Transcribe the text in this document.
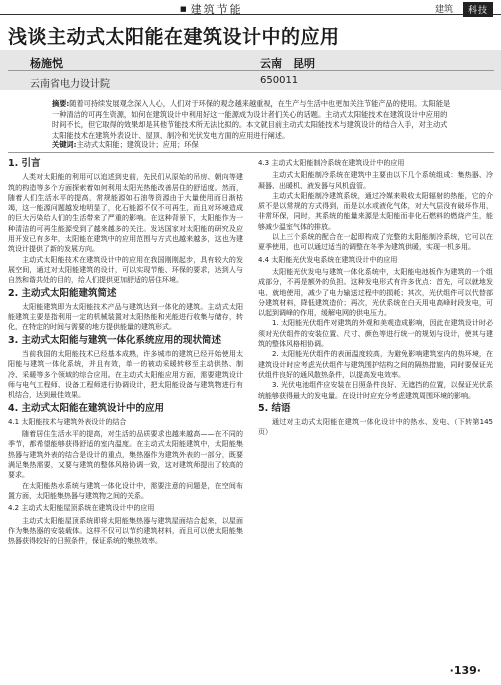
■ 建筑节能	建筑	科技
浅谈主动式太阳能在建筑设计中的应用
杨施悦	云南　昆明
云南省电力设计院	650011
摘要:随着可持续发展观念深入人心，人们对于环保的观念越来越重视，在生产与生活中也更加关注节能产品的使用。太阳能是一种清洁的可再生资源，如何在建筑设计中利用好这一能源成为设计者们关心的话题。主动式太阳能技术在建筑设计中应用的时间不长，但它取得的效果却是其他节能技术所无法比拟的。本文就目前主动式太阳能技术与建筑设计的结合入手，对主动式太阳能技术在建筑外表设计、屋顶、制冷和光伏发电方面的应用进行阐述。
关键词:主动式太阳能；建筑设计；应用；环保
1. 引言

人类对太阳能的利用可以追述到史前，先民们从原始的吊房、朝向等建筑的构造等多个方面探索着如何利用太阳光热能改善居住的舒适度。然而，随着人们生活水平的提高，常规能源如石油等资源由于大量使用而日渐枯竭，这一能源问题越发地明显了，化石能源不仅不可再生，而且对环境造成的巨大污染给人们的生活带来了严重的影响。在这种背景下，太阳能作为一种清洁的可再生能源受到了越来越多的关注。发达国家对太阳能的研究及应用开发已有多年，太阳能在建筑中的应用范围与方式也越来越多，这也为建筑设计提供了新的发展方向。

主动式太阳能技术在建筑设计中的应用在我国刚刚起步，具有较大的发展空间，通过对太阳能建筑的设计，可以实现节能、环保的要求，达到人与自然和谐共处的目的，给人们提供更加舒适的居住环境。

2. 主动式太阳能建筑简述

太阳能建筑即为太阳能技术产品与建筑达到一体化的建筑。主动式太阳能建筑主要是指利用一定的机械装置对太阳热能和光能进行收集与储存，转化，在特定的时间与需要的地方提供能量的建筑形式。

3. 主动式太阳能与建筑一体化系统应用的现状简述

当前我国的太阳能技术已经基本成熟，许多城市的建筑已经开始使用太阳能与建筑一体化系统，并且有效，单一的被动采暖转移至主动供热、制冷、采暖等多个领域的综合应用。在主动式太阳能应用方面，需要建筑设计师与电气工程师、设备工程师进行协调设计，把太阳能设备与建筑物进行有机结合，达到最佳效果。

4. 主动式太阳能在建筑设计中的应用
4.1 太阳能技术与建筑外表设计的结合

随着居住生活水平的提高，对生活的品质要求也越来越高——在不同的季节，都希望能够获得舒适的室内温度。在主动式太阳能建筑中，太阳能集热器与建筑外表的结合是设计的重点，集热器作为建筑外表的一部分，既要满足集热需要，又要与建筑的整体风格协调一致，这对建筑师提出了较高的要求。

在太阳能热水系统与建筑一体化设计中，需要注意的问题是，在空间布置方面，太阳能集热器与建筑物之间的关系。

4.2 主动式太阳能屋顶系统在建筑设计中的应用

主动式太阳能屋顶系统即将太阳能集热器与建筑屋面结合起来，以屋面作为集热器的安装载体。这样不仅可以节约建筑材料，而且可以使太阳能集热器获得较好的日照条件，保证系统的集热效率。

4.3 主动式太阳能制冷系统在建筑设计中的应用

主动式太阳能制冷系统在建筑中主要由以下几个系统组成：集热器、冷凝器、出暖机、液发器与风机盘管。

主动式太阳能制冷建筑系统，通过冷媒来吸收太阳辐射的热能，它的介质不是以常规的方式得到，而是以水或液化气体，对大气层没有破坏作用，非常环保，同时，其系统的能量来源是太阳能而非化石燃料的燃烧产生，能够减少温室气体的排放。

以上三个系统的配合在一起即构成了完整的太阳能制冷系统，它可以在夏季使用，也可以通过适当的调整在冬季为建筑供暖，实现一机多用。

4.4 太阳能光伏发电系统在建筑设计中的应用

太阳能光伏发电与建筑一体化系统中，太阳能电池板作为建筑的一个组成部分，不再是额外的负担。这种发电形式有许多优点：首先，可以就地发电、就地使用，减少了电力输送过程中的损耗；其次，光伏组件可以代替部分建筑材料，降低建筑造价；再次，光伏系统在白天用电高峰时段发电，可以起到调峰的作用，缓解电网的供电压力。

1. 太阳能光伏组件对建筑的外观和美观造成影响，因此在建筑设计时必须对光伏组件的安装位置、尺寸、颜色等进行统一的规划与设计，使其与建筑的整体风格相协调。

2. 太阳能光伏组件的表面温度较高，为避免影响建筑室内的热环境，在建筑设计时应考虑光伏组件与建筑围护结构之间的隔热措施，同时要保证光伏组件良好的通风散热条件，以提高发电效率。

3. 光伏电池组件应安装在日照条件良好、无遮挡的位置，以保证光伏系统能够获得最大的发电量。在设计时应充分考虑建筑周围环境的影响。

5. 结语

通过对主动式太阳能在建筑一体化设计中的热水、发电、（下转第145页）

·139·
